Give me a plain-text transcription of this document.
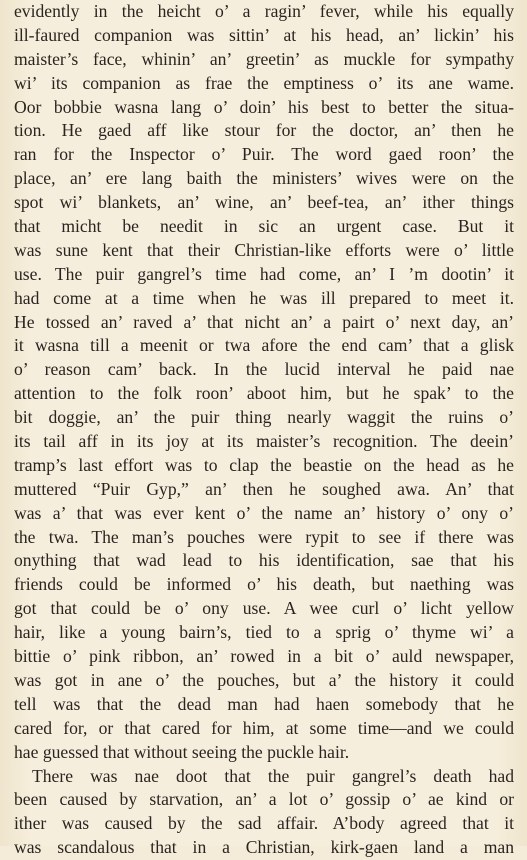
evidently in the heicht o’ a ragin’ fever, while his equally
ill-faured companion was sittin’ at his head, an’ lickin’ his
maister’s face, whinin’ an’ greetin’ as muckle for sympathy
wi’ its companion as frae the emptiness o’ its ane wame.
Oor bobbie wasna lang o’ doin’ his best to better the situa-
tion. He gaed aff like stour for the doctor, an’ then he
ran for the Inspector o’ Puir. The word gaed roon’ the
place, an’ ere lang baith the ministers’ wives were on the
spot wi’ blankets, an’ wine, an’ beef-tea, an’ ither things
that micht be needit in sic an urgent case. But it
was sune kent that their Christian-like efforts were o’ little
use. The puir gangrel’s time had come, an’ I ’m dootin’ it
had come at a time when he was ill prepared to meet it.
He tossed an’ raved a’ that nicht an’ a pairt o’ next day, an’
it wasna till a meenit or twa afore the end cam’ that a glisk
o’ reason cam’ back. In the lucid interval he paid nae
attention to the folk roon’ aboot him, but he spak’ to the
bit doggie, an’ the puir thing nearly waggit the ruins o’
its tail aff in its joy at its maister’s recognition. The deein’
tramp’s last effort was to clap the beastie on the head as he
muttered “Puir Gyp,” an’ then he soughed awa. An’ that
was a’ that was ever kent o’ the name an’ history o’ ony o’
the twa. The man’s pouches were rypit to see if there was
onything that wad lead to his identification, sae that his
friends could be informed o’ his death, but naething was
got that could be o’ ony use. A wee curl o’ licht yellow
hair, like a young bairn’s, tied to a sprig o’ thyme wi’ a
bittie o’ pink ribbon, an’ rowed in a bit o’ auld newspaper,
was got in ane o’ the pouches, but a’ the history it could
tell was that the dead man had haen somebody that he
cared for, or that cared for him, at some time—and we could
hae guessed that without seeing the puckle hair.
There was nae doot that the puir gangrel’s death had
been caused by starvation, an’ a lot o’ gossip o’ ae kind or
ither was caused by the sad affair. A’body agreed that it
was scandalous that in a Christian, kirk-gaen land a man
